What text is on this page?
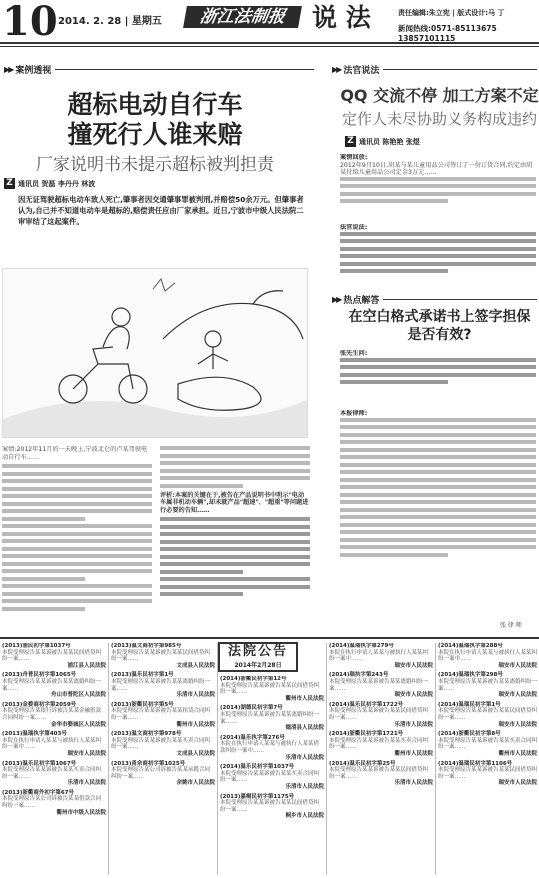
10 2014. 2. 28 | 星期五	浙江法制报	说 法	责任编辑:朱立宪 | 版式设计:马 丁
新闻热线:0571-85113675 13857101115
▶▶ 案例透视
超标电动自行车
撞死行人谁来赔
厂家说明书未提示超标被判担责
Z 通讯员 贺磊 李丹丹 林波
因无证驾驶超标电动车致人死亡,肇事者因交通肇事罪被判刑,并赔偿50余万元。但肇事者认为,自己并不知道电动车是超标的,赔偿责任应由厂家承担。近日,宁波市中级人民法院二审审结了这起案件。
案情:2012年11月的一天晚上,宁波北仑的卢某驾驶电动自行车……
评析:本案的关键在于,被告在产品说明书中明示"电动车属非机动车辆",却未就产品"超速"、"超重"等问题进行必要的告知……
▶▶ 法官说法
QQ 交流不停 加工方案不定
定作人未尽协助义务构成违约
Z 通讯员 陈艳艳 张煜
案情回放:
2012年9月10日,胡某与某儿童用品公司签订了一份订货合同,约定由胡某付给儿童用品公司定金3万元……
法官说法:
▶▶ 热点解答
在空白格式承诺书上签字担保
是否有效?
张先生问:
本报律师:
张 律 师
法院公告
2014年2月28日
(2013)浦民初字第1037号
本院受理原告某某诉被告某某民间借贷纠纷一案……
浦江县人民法院
(2013)舟普民初字第1065号
本院受理原告某某诉被告某某离婚纠纷一案……
舟山市普陀区人民法院
(2013)金婺商初字第2059号
本院受理原告某银行诉被告某某金融借款合同纠纷一案……
金华市婺城区人民法院
(2013)温瑞执字第403号
本院在执行申请人某某与被执行人某某纠纷一案中……
瑞安市人民法院
(2013)温乐民初字第1067号
本院受理原告某某诉被告某某买卖合同纠纷一案……
乐清市人民法院
(2013)浙衢商外初字第67号
本院受理原告某公司诉被告某某借款合同纠纷一案……
衢州市中级人民法院
(2013)温文商初字第985号
本院受理原告某某诉被告某某民间借贷纠纷一案……
文成县人民法院
(2013)温乐民初字第1号
本院受理原告某某诉被告某某离婚纠纷一案……
乐清市人民法院
(2013)浙衢民初字第5号
本院受理原告某某诉被告某某租赁合同纠纷一案……
衢州市人民法院
(2013)温文商初字第978号
本院受理原告某某诉被告某某买卖合同纠纷一案……
文成县人民法院
(2013)甬余商初字第1025号
本院受理原告某公司诉被告某某承揽合同纠纷一案……
余姚市人民法院
(2014)浙衢民初字第12号
本院受理原告某某诉被告某某民间借贷纠纷一案……
衢州市人民法院
(2014)湖德民初字第7号
本院受理原告某某诉被告某某离婚纠纷一案……
德清县人民法院
(2014)温乐执字第276号
本院在执行申请人某某与被执行人某某借款纠纷一案中……
乐清市人民法院
(2014)温乐民初字第1037号
本院受理原告某某诉被告某某买卖合同纠纷一案……
乐清市人民法院
(2013)嘉桐民初字第1175号
本院受理原告某某诉被告某某民间借贷纠纷一案……
桐乡市人民法院
(2014)温瑞执字第279号
本院在执行申请人某某与被执行人某某纠纷一案中……
瑞安市人民法院
(2014)瑞执字第243号
本院受理原告某某诉被告某某离婚纠纷一案……
瑞安市人民法院
(2014)温乐民初字第1722号
本院受理原告某某诉被告某某民间借贷纠纷一案……
乐清市人民法院
(2014)浙衢民初字第1721号
本院受理原告某某诉被告某某买卖合同纠纷一案……
衢州市人民法院
(2014)温乐民初字第25号
本院受理原告某某诉被告某某民间借贷纠纷一案……
乐清市人民法院
(2014)温瑞执字第288号
本院在执行申请人某某与被执行人某某纠纷一案中……
瑞安市人民法院
(2014)温瑞执字第298号
本院受理原告某某诉被告某某离婚纠纷一案……
瑞安市人民法院
(2014)温瑞民初字第1号
本院受理原告某某诉被告某某民间借贷纠纷一案……
瑞安市人民法院
(2014)浙衢民初字第8号
本院受理原告某某诉被告某某买卖合同纠纷一案……
衢州市人民法院
(2014)温瑞民初字第1106号
本院受理原告某某诉被告某某民间借贷纠纷一案……
瑞安市人民法院
